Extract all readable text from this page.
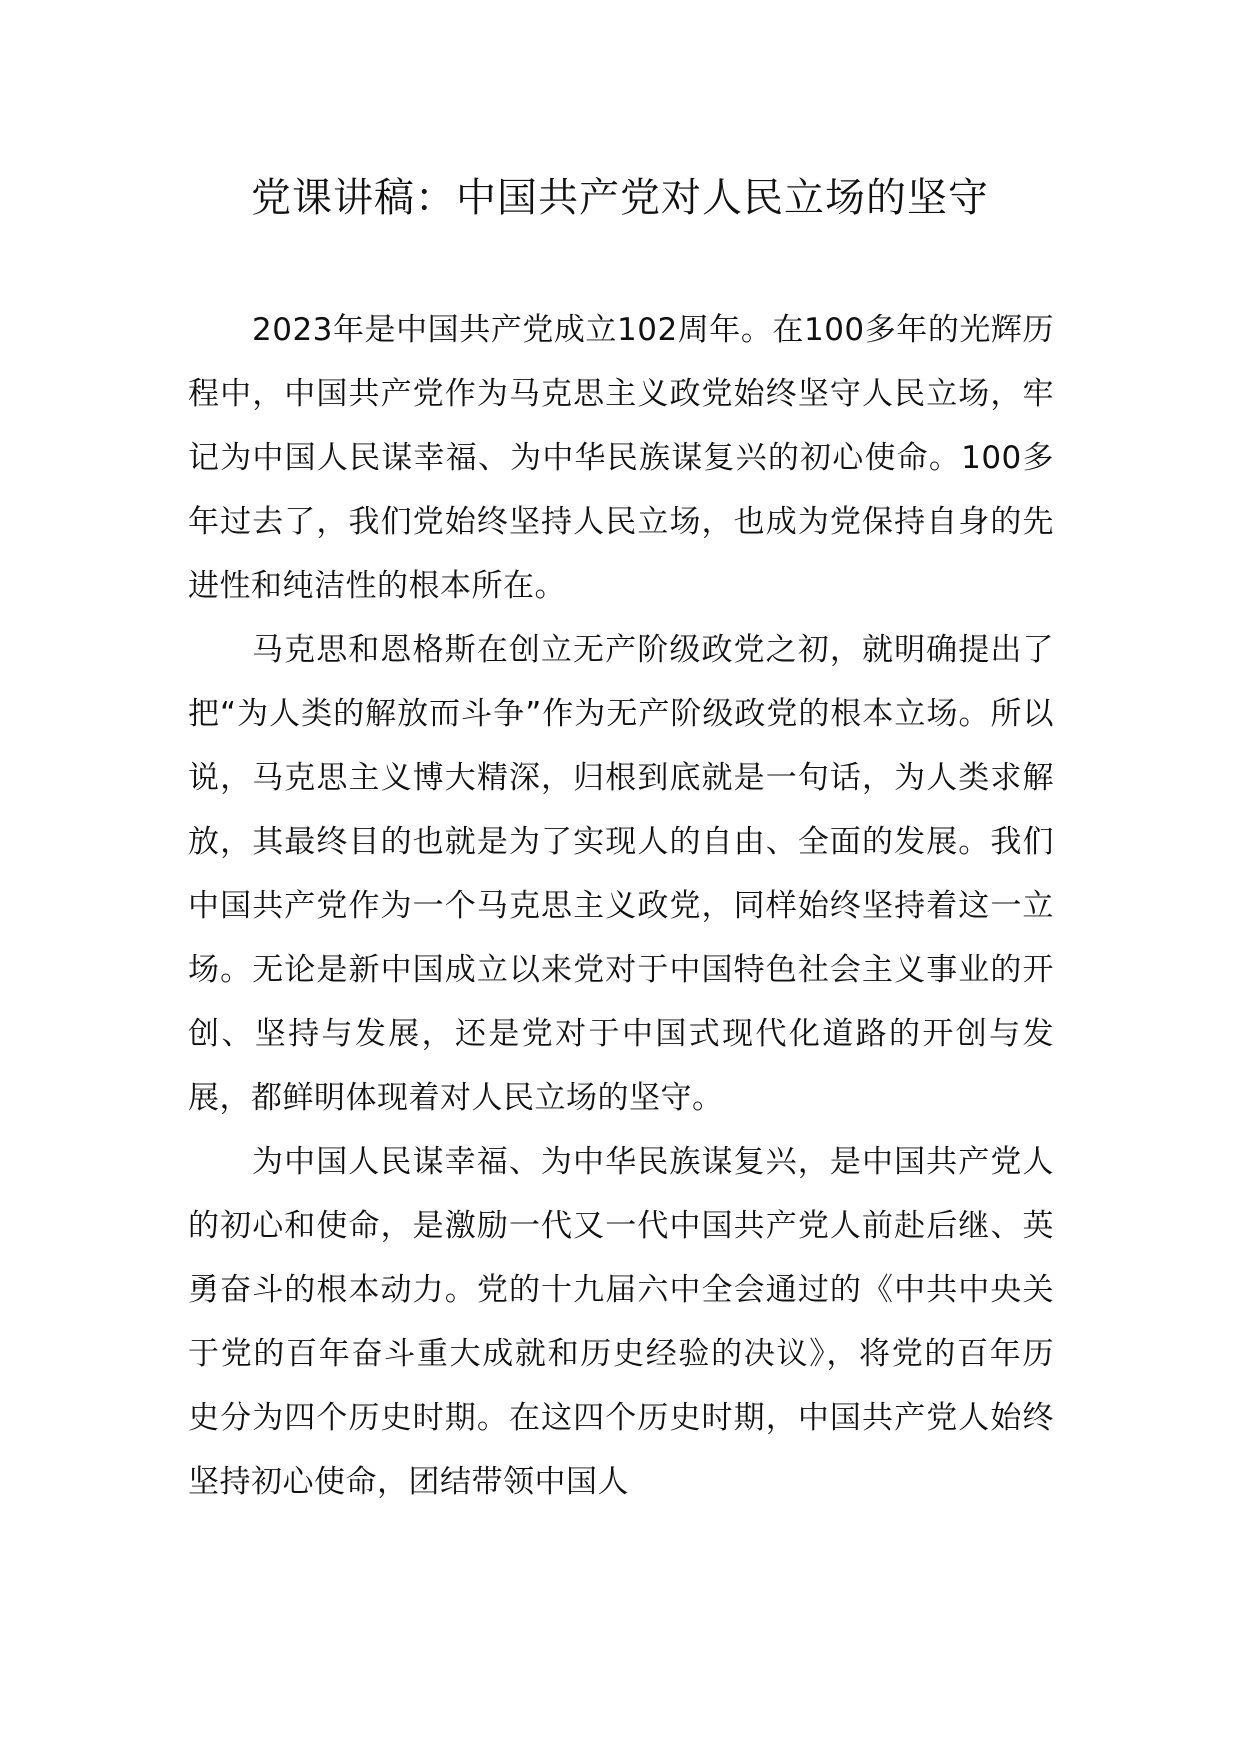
党课讲稿：中国共产党对人民立场的坚守

2023年是中国共产党成立102周年。在100多年的光辉历程中，中国共产党作为马克思主义政党始终坚守人民立场，牢记为中国人民谋幸福、为中华民族谋复兴的初心使命。100多年过去了，我们党始终坚持人民立场，也成为党保持自身的先进性和纯洁性的根本所在。

马克思和恩格斯在创立无产阶级政党之初，就明确提出了把“为人类的解放而斗争”作为无产阶级政党的根本立场。所以说，马克思主义博大精深，归根到底就是一句话，为人类求解放，其最终目的也就是为了实现人的自由、全面的发展。我们中国共产党作为一个马克思主义政党，同样始终坚持着这一立场。无论是新中国成立以来党对于中国特色社会主义事业的开创、坚持与发展，还是党对于中国式现代化道路的开创与发展，都鲜明体现着对人民立场的坚守。

为中国人民谋幸福、为中华民族谋复兴，是中国共产党人的初心和使命，是激励一代又一代中国共产党人前赴后继、英勇奋斗的根本动力。党的十九届六中全会通过的《中共中央关于党的百年奋斗重大成就和历史经验的决议》，将党的百年历史分为四个历史时期。在这四个历史时期，中国共产党人始终坚持初心使命，团结带领中国人
